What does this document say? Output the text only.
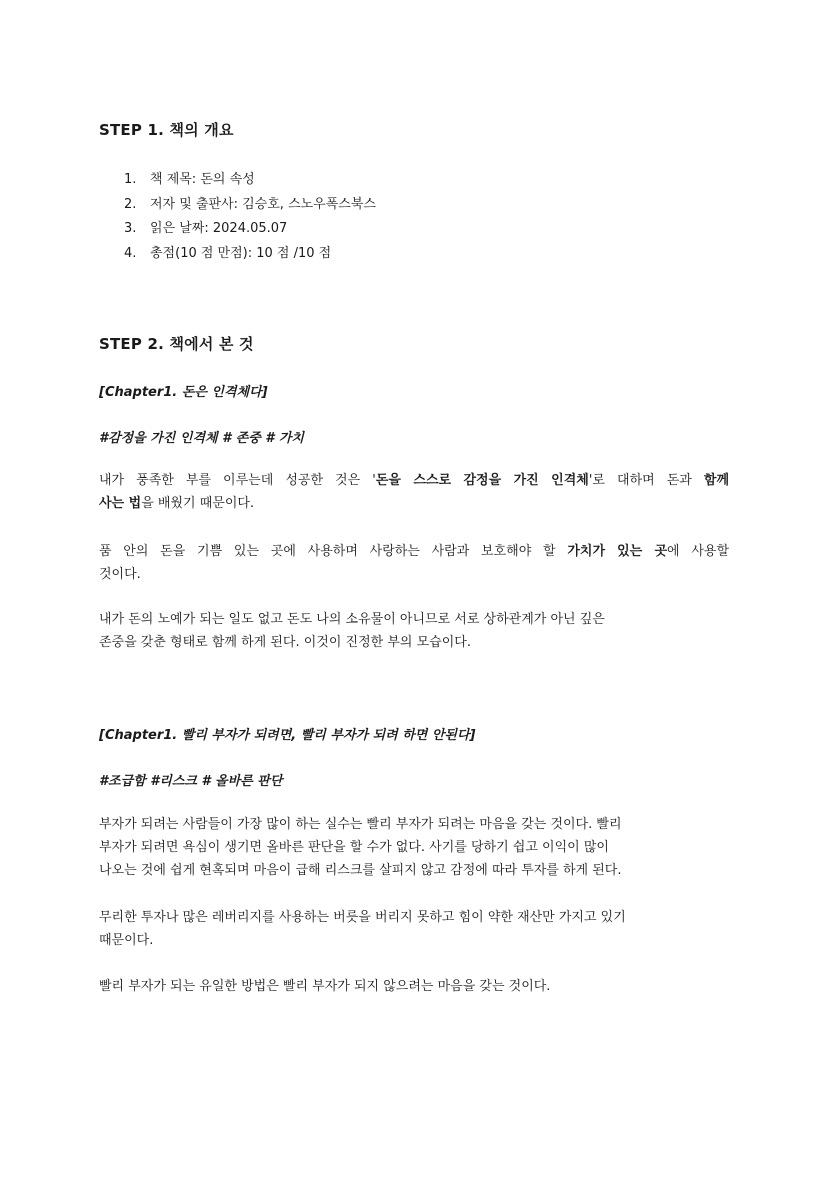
STEP 1. 책의 개요
1. 책 제목: 돈의 속성
2. 저자 및 출판사: 김승호, 스노우폭스북스
3. 읽은 날짜: 2024.05.07
4. 총점(10 점 만점): 10 점 /10 점
STEP 2. 책에서 본 것

[Chapter1. 돈은 인격체다]

#감정을 가진 인격체 # 존중 # 가치

내가 풍족한 부를 이루는데 성공한 것은 '돈을 스스로 감정을 가진 인격체'로 대하며 돈과 함께
사는 법을 배웠기 때문이다.

품 안의 돈을 기쁨 있는 곳에 사용하며 사랑하는 사람과 보호해야 할 가치가 있는 곳에 사용할
것이다.

내가 돈의 노예가 되는 일도 없고 돈도 나의 소유물이 아니므로 서로 상하관계가 아닌 깊은
존중을 갖춘 형태로 함께 하게 된다. 이것이 진정한 부의 모습이다.

[Chapter1. 빨리 부자가 되려면, 빨리 부자가 되려 하면 안된다]

#조급함 #리스크 # 올바른 판단

부자가 되려는 사람들이 가장 많이 하는 실수는 빨리 부자가 되려는 마음을 갖는 것이다. 빨리
부자가 되려면 욕심이 생기면 올바른 판단을 할 수가 없다. 사기를 당하기 쉽고 이익이 많이
나오는 것에 쉽게 현혹되며 마음이 급해 리스크를 살피지 않고 감정에 따라 투자를 하게 된다.

무리한 투자나 많은 레버리지를 사용하는 버릇을 버리지 못하고 힘이 약한 재산만 가지고 있기
때문이다.

빨리 부자가 되는 유일한 방법은 빨리 부자가 되지 않으려는 마음을 갖는 것이다.
